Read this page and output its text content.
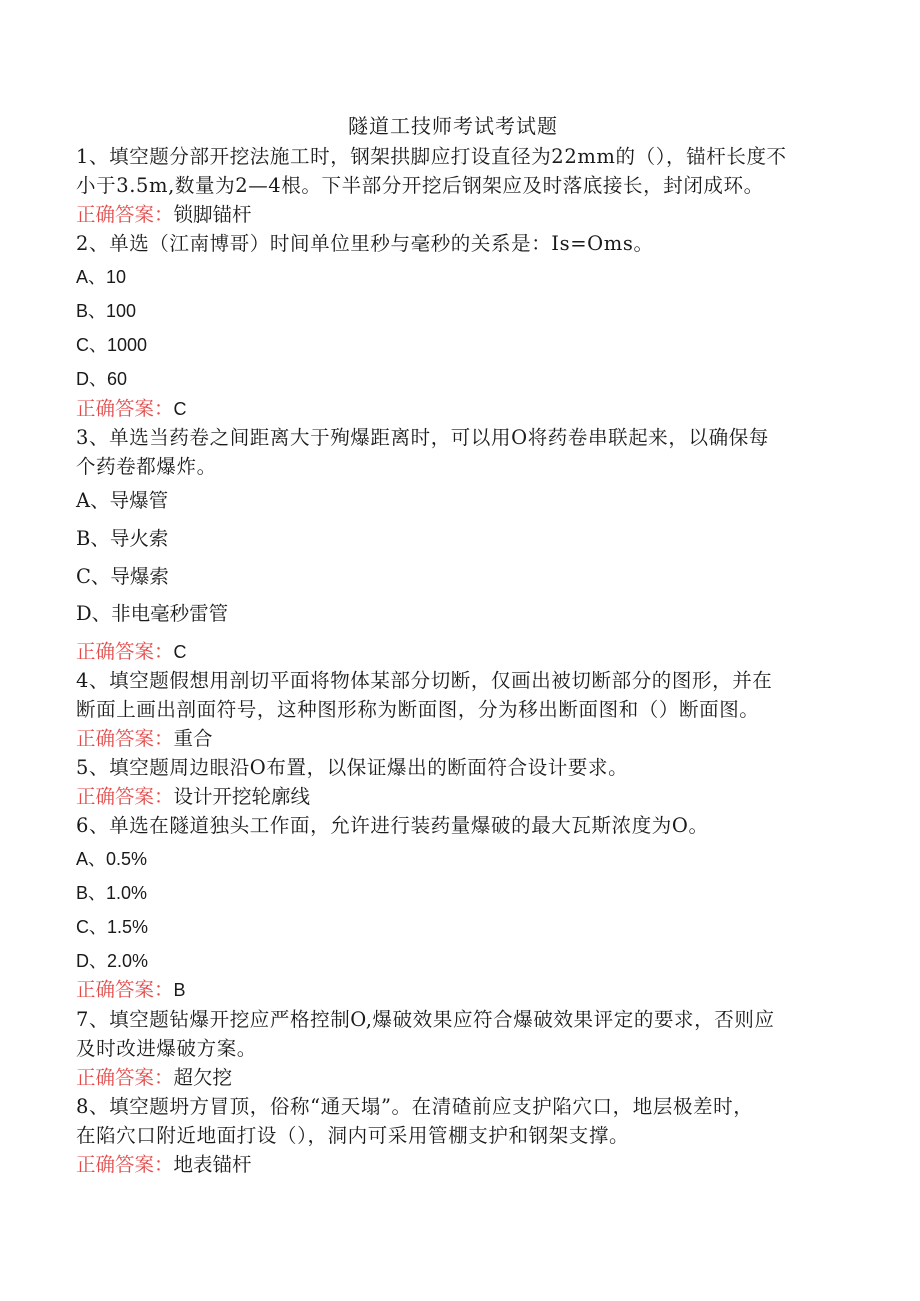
隧道工技师考试考试题
1、填空题分部开挖法施工时，钢架拱脚应打设直径为22mm的（），锚杆长度不
小于3.5m,数量为2—4根。下半部分开挖后钢架应及时落底接长，封闭成环。
正确答案：锁脚锚杆
2、单选（江南博哥）时间单位里秒与毫秒的关系是：Is=Oms。
A、10
B、100
C、1000
D、60
正确答案：C
3、单选当药卷之间距离大于殉爆距离时，可以用O将药卷串联起来，以确保每
个药卷都爆炸。
A、导爆管
B、导火索
C、导爆索
D、非电毫秒雷管
正确答案：C
4、填空题假想用剖切平面将物体某部分切断，仅画出被切断部分的图形，并在
断面上画出剖面符号，这种图形称为断面图，分为移出断面图和（）断面图。
正确答案：重合
5、填空题周边眼沿O布置，以保证爆出的断面符合设计要求。
正确答案：设计开挖轮廓线
6、单选在隧道独头工作面，允许进行装药量爆破的最大瓦斯浓度为O。
A、0.5%
B、1.0%
C、1.5%
D、2.0%
正确答案：B
7、填空题钻爆开挖应严格控制O,爆破效果应符合爆破效果评定的要求，否则应
及时改进爆破方案。
正确答案：超欠挖
8、填空题坍方冒顶，俗称“通天塌”。在清碴前应支护陷穴口，地层极差时，
在陷穴口附近地面打设（），洞内可采用管棚支护和钢架支撑。
正确答案：地表锚杆
